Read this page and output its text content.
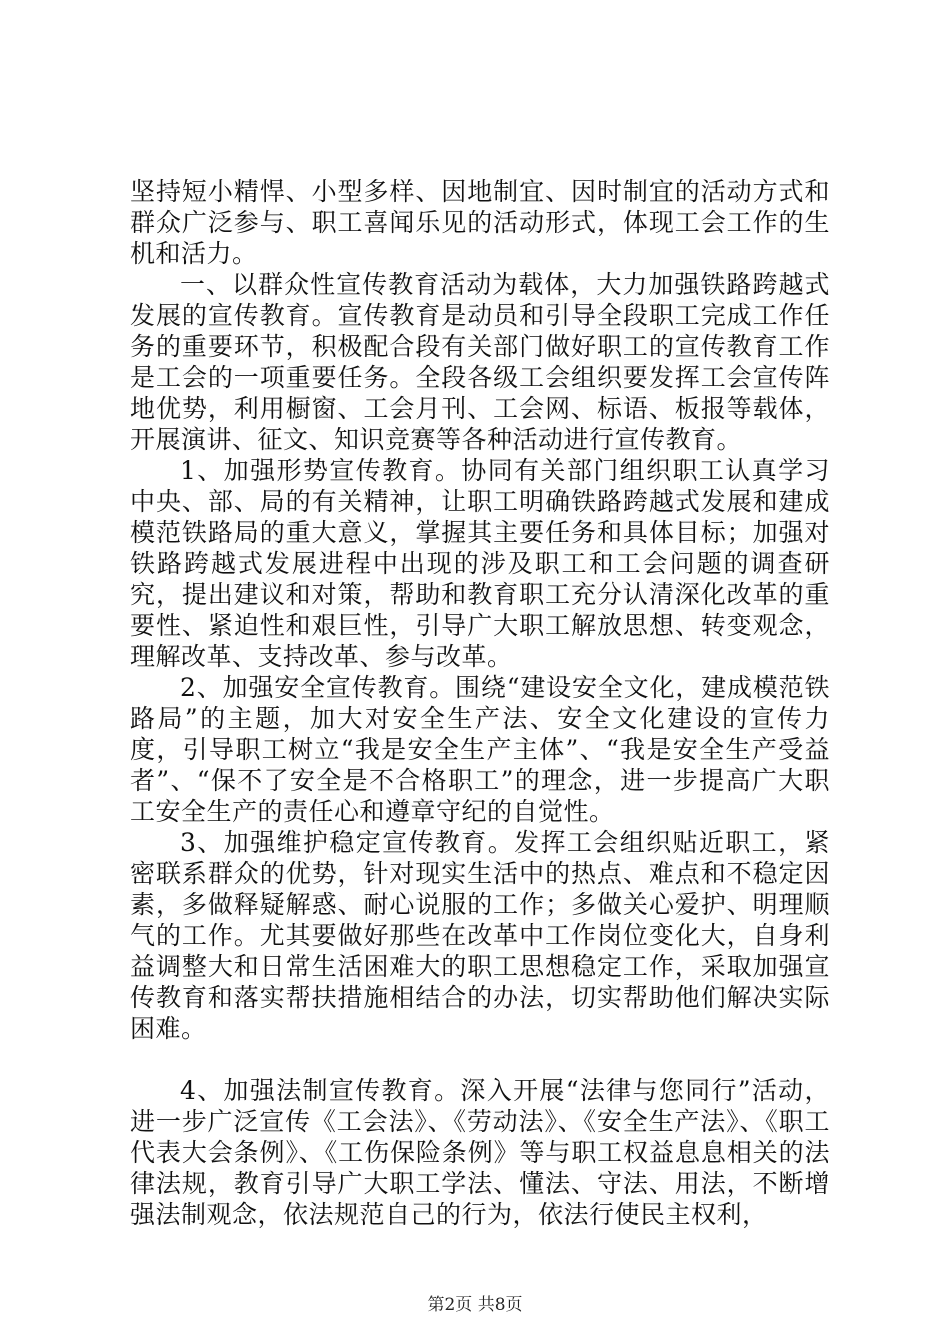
坚持短小精悍、小型多样、因地制宜、因时制宜的活动方式和群众广泛参与、职工喜闻乐见的活动形式，体现工会工作的生机和活力。

一、以群众性宣传教育活动为载体，大力加强铁路跨越式发展的宣传教育。宣传教育是动员和引导全段职工完成工作任务的重要环节，积极配合段有关部门做好职工的宣传教育工作是工会的一项重要任务。全段各级工会组织要发挥工会宣传阵地优势，利用橱窗、工会月刊、工会网、标语、板报等载体，开展演讲、征文、知识竞赛等各种活动进行宣传教育。

1、加强形势宣传教育。协同有关部门组织职工认真学习中央、部、局的有关精神，让职工明确铁路跨越式发展和建成模范铁路局的重大意义，掌握其主要任务和具体目标；加强对铁路跨越式发展进程中出现的涉及职工和工会问题的调查研究，提出建议和对策，帮助和教育职工充分认清深化改革的重要性、紧迫性和艰巨性，引导广大职工解放思想、转变观念，理解改革、支持改革、参与改革。

2、加强安全宣传教育。围绕“建设安全文化，建成模范铁路局”的主题，加大对安全生产法、安全文化建设的宣传力度，引导职工树立“我是安全生产主体”、“我是安全生产受益者”、“保不了安全是不合格职工”的理念，进一步提高广大职工安全生产的责任心和遵章守纪的自觉性。

3、加强维护稳定宣传教育。发挥工会组织贴近职工，紧密联系群众的优势，针对现实生活中的热点、难点和不稳定因素，多做释疑解惑、耐心说服的工作；多做关心爱护、明理顺气的工作。尤其要做好那些在改革中工作岗位变化大，自身利益调整大和日常生活困难大的职工思想稳定工作，采取加强宣传教育和落实帮扶措施相结合的办法，切实帮助他们解决实际困难。

4、加强法制宣传教育。深入开展“法律与您同行”活动，进一步广泛宣传《工会法》、《劳动法》、《安全生产法》、《职工代表大会条例》、《工伤保险条例》等与职工权益息息相关的法律法规，教育引导广大职工学法、懂法、守法、用法，不断增强法制观念，依法规范自己的行为，依法行使民主权利，

第2页 共8页
